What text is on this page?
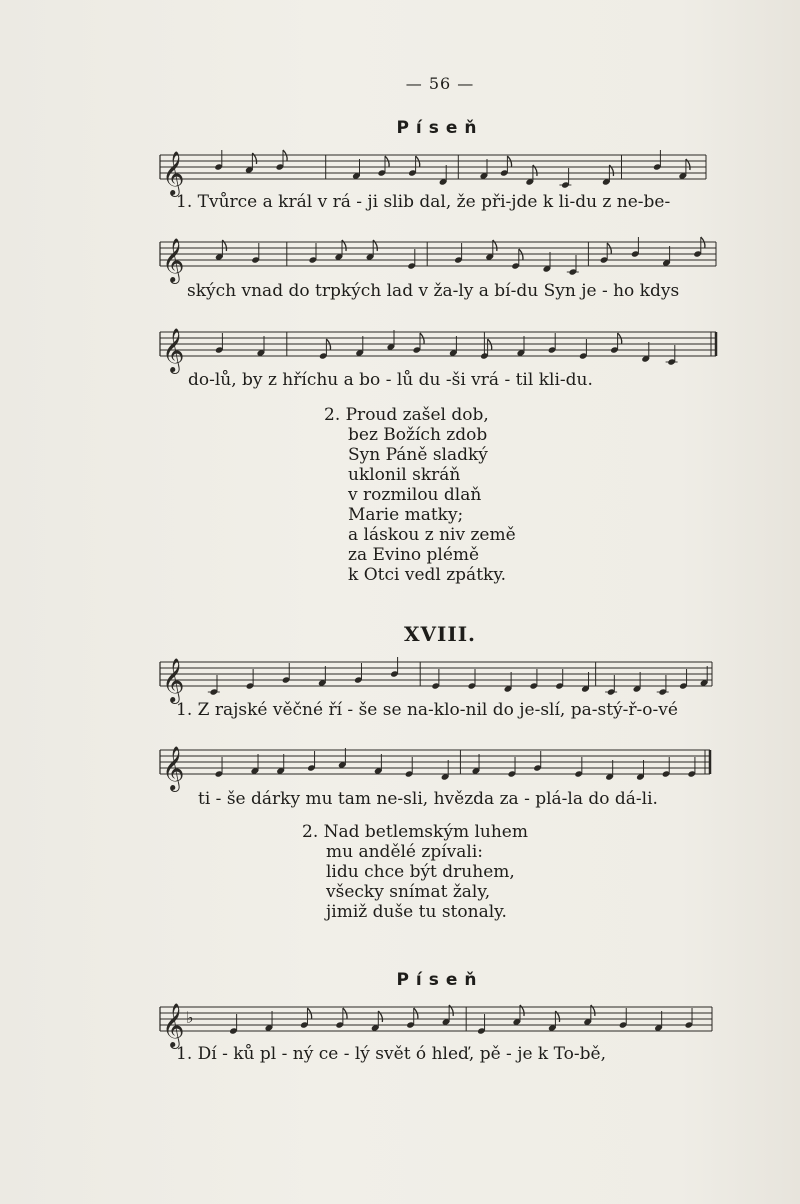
— 56 —
Píseň
𝄞
1. Tvůrce a král v rá - ji slib dal, že při-jde k li-du z ne-be-
𝄞
ských vnad do trpkých lad v ža-ly a bí-du Syn je - ho kdys
𝄞
do-lů, by z hříchu a bo - lů du -ši vrá - til kli-du.
2. Proud zašel dob,
bez Božích zdob
Syn Páně sladký
uklonil skráň
v rozmilou dlaň
Marie matky;
a láskou z niv země
za Evino plémě
k Otci vedl zpátky.
XVIII.
𝄞
1. Z rajské věčné ří - še se na-klo-nil do je-slí, pa-stý-ř-o-vé
𝄞
ti - še dárky mu tam ne-sli, hvězda za - plá-la do dá-li.
2. Nad betlemským luhem
mu andělé zpívali:
lidu chce být druhem,
všecky snímat žaly,
jimiž duše tu stonaly.
Píseň
𝄞 ♭
1. Dí - ků pl - ný ce - lý svět ó hleď, pě - je k To-bě,
